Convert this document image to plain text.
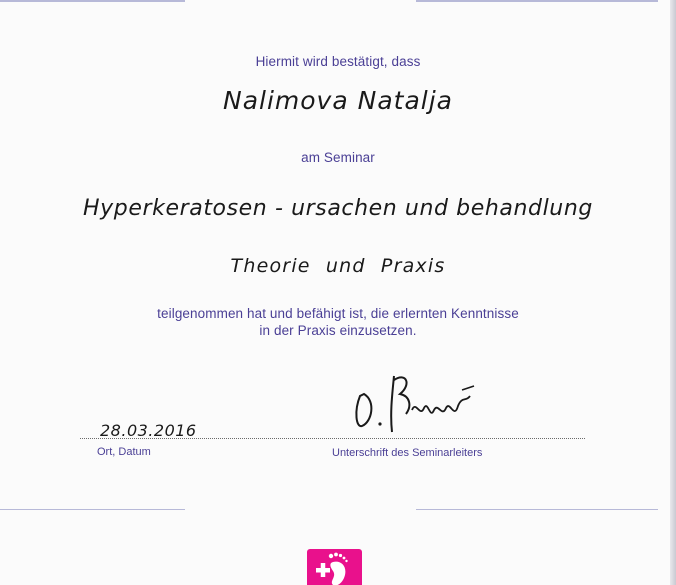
Hiermit wird bestätigt, dass
Nalimova Natalja
am Seminar
Hyperkeratosen - ursachen und behandlung
Theorie und Praxis
teilgenommen hat und befähigt ist, die erlernten Kenntnisse
in der Praxis einzusetzen.
28.03.2016
Ort, Datum	Unterschrift des Seminarleiters
